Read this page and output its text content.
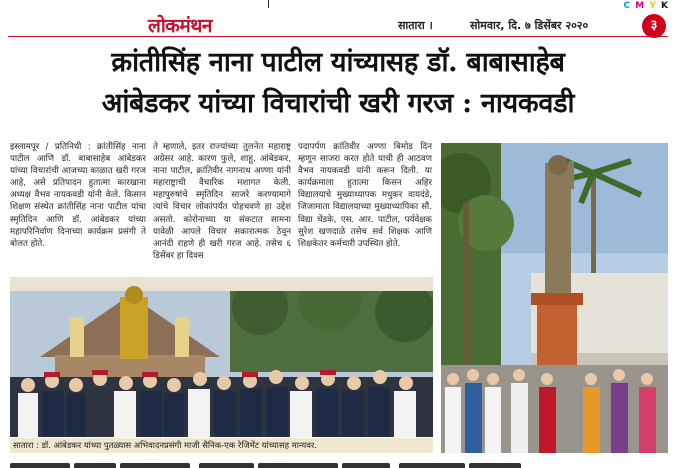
C M Y K
लोकमंथन	सातारा ।	सोमवार, दि. ७ डिसेंबर २०२०	३
क्रांतीसिंह नाना पाटील यांच्यासह डॉ. बाबासाहेब
आंबेडकर यांच्या विचारांची खरी गरज : नायकवडी

इस्लामपूर / प्रतिनिधी : क्रांतीसिंह नाना पाटील आणि डॉ. बाबासाहेब आंबेडकर यांच्या विचारांची आजच्या काळात खरी गरज आहे, असे प्रतिपादन हुतात्मा कारखाना अध्यक्ष वैभव नायकवडी यांनी केले. किसान शिक्षण संस्थेत क्रांतीसिंह नाना पाटील यांचा स्मृतिदिन आणि डॉ. आंबेडकर यांच्या महापरिनिर्वाण दिनाच्या कार्यक्रम प्रसंगी ते बोलत होते.

ते म्हणाले, इतर राज्यांच्या तुलनेत महाराष्ट्र अग्रेसर आहे. कारण फुले, शाहू, आंबेडकर, नाना पाटील, क्रांतिवीर नागनाथ अण्णा यांनी महाराष्ट्राची वैचारिक मशागत केली. महापुरुषांचे स्मृतिदिन साजरे करण्यामागे त्यांचे विचार लोकांपर्यंत पोहचवणे हा उद्देश असतो. कोरोनाच्या या संकटात सामना यावेळी आपले विचार सकारात्मक ठेवून आनंदी राहणे ही खरी गरज आहे. तसेच ६ डिसेंबर हा दिवस

पदापर्पण क्रांतिवीर अण्णा बिमोड दिन म्हणून साजरा करत होते याची ही आठवण वैभव नायकवडी यांनी करून दिली. या कार्यक्रमाला हुतात्मा किसन अहिर विद्यालयाचे मुख्याध्यापक मधुकर वायदंडे, जिजामाता विद्यालयाच्या मुख्याध्यापिका सौ. विद्या चेंडके, एस. आर. पाटील, पर्यवेक्षक सुरेश खणदाळे तसेच सर्व शिक्षक आणि शिक्षकेतर कर्मचारी उपस्थित होते.

सातारा : डॉ. आंबेडकर यांच्या पुतळ्यास अभिवादनप्रसंगी माजी सैनिक-एक रेजिमेंट यांच्यासह मान्यवर.
